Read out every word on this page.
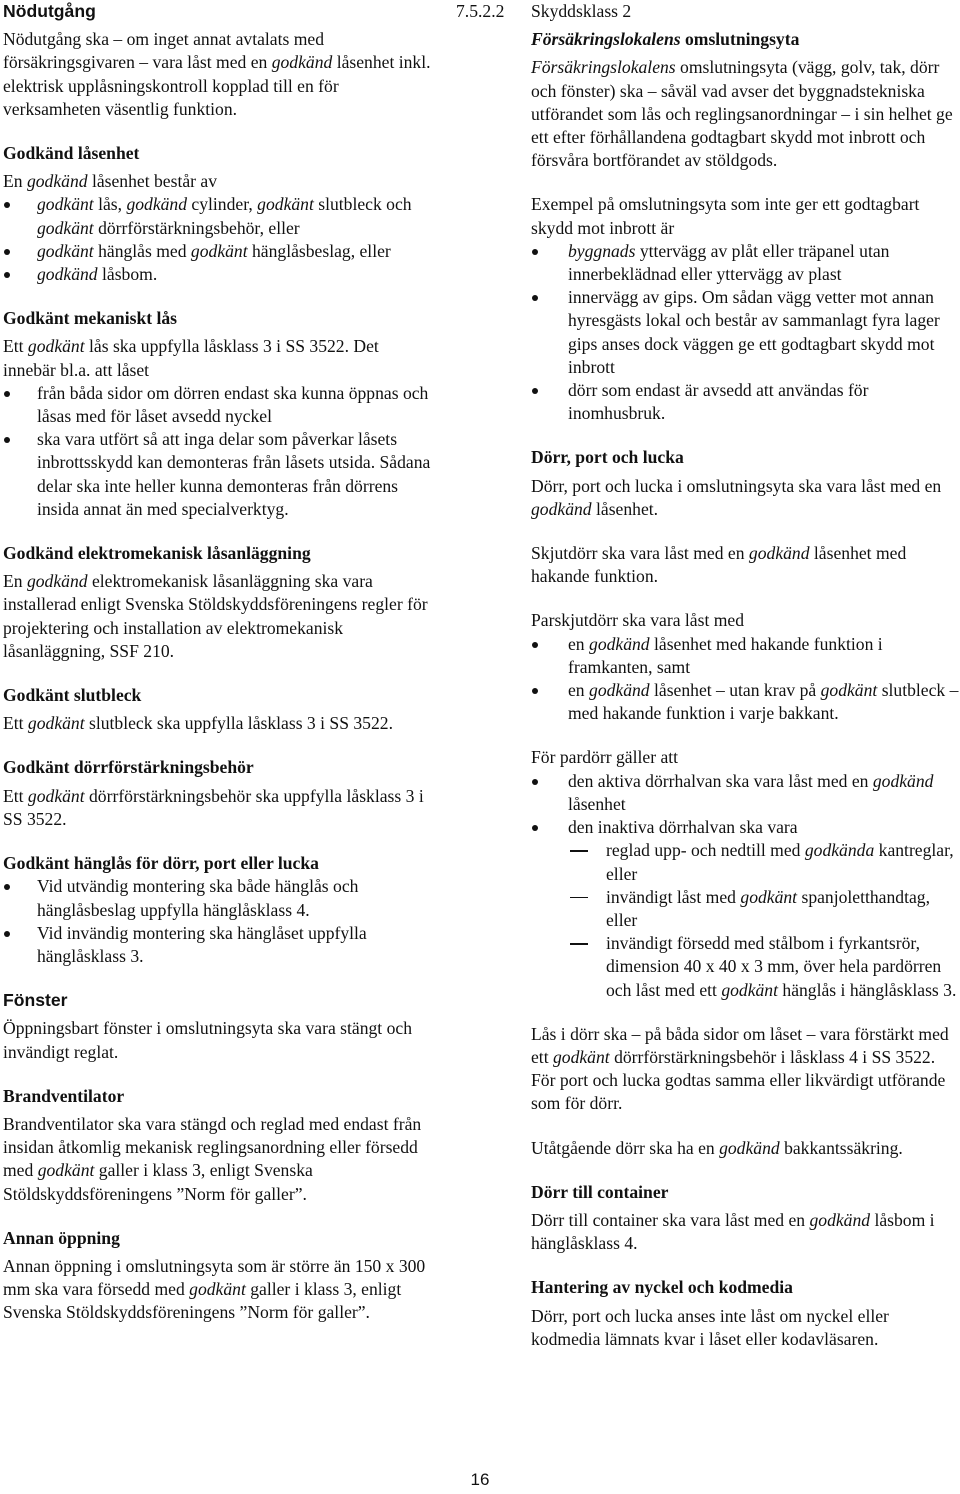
Nödutgång

Nödutgång ska – om inget annat avtalats med försäkringsgivaren – vara låst med en godkänd låsenhet inkl. elektrisk upplåsningskontroll kopplad till en för verksamheten väsentlig funktion.

Godkänd låsenhet

En godkänd låsenhet består av

godkänt lås, godkänd cylinder, godkänt slutbleck och godkänt dörrförstärkningsbehör, eller
godkänt hänglås med godkänt hänglåsbeslag, eller
godkänd låsbom.

Godkänt mekaniskt lås

Ett godkänt lås ska uppfylla låsklass 3 i SS 3522. Det innebär bl.a. att låset

från båda sidor om dörren endast ska kunna öppnas och låsas med för låset avsedd nyckel
ska vara utfört så att inga delar som påverkar låsets inbrottsskydd kan demonteras från låsets utsida. Sådana delar ska inte heller kunna demonteras från dörrens insida annat än med specialverktyg.

Godkänd elektromekanisk låsanläggning

En godkänd elektromekanisk låsanläggning ska vara installerad enligt Svenska Stöldskyddsföreningens regler för projektering och installation av elektromekanisk låsanläggning, SSF 210.

Godkänt slutbleck

Ett godkänt slutbleck ska uppfylla låsklass 3 i SS 3522.

Godkänt dörrförstärkningsbehör

Ett godkänt dörrförstärkningsbehör ska uppfylla låsklass 3 i SS 3522.

Godkänt hänglås för dörr, port eller lucka

Vid utvändig montering ska både hänglås och hänglåsbeslag uppfylla hänglåsklass 4.
Vid invändig montering ska hänglåset uppfylla hänglåsklass 3.

Fönster

Öppningsbart fönster i omslutningsyta ska vara stängt och invändigt reglat.

Brandventilator

Brandventilator ska vara stängd och reglad med endast från insidan åtkomlig mekanisk reglingsanordning eller försedd med godkänt galler i klass 3, enligt Svenska Stöldskyddsföreningens ”Norm för galler”.

Annan öppning

Annan öppning i omslutningsyta som är större än 150 x 300 mm ska vara försedd med godkänt galler i klass 3, enligt Svenska Stöldskyddsföreningens ”Norm för galler”.

7.5.2.2 Skyddsklass 2

Försäkringslokalens omslutningsyta

Försäkringslokalens omslutningsyta (vägg, golv, tak, dörr och fönster) ska – såväl vad avser det byggnadstekniska utförandet som lås och reglingsanordningar – i sin helhet ge ett efter förhållandena godtagbart skydd mot inbrott och försvåra bortförandet av stöldgods.

Exempel på omslutningsyta som inte ger ett godtagbart skydd mot inbrott är

byggnads yttervägg av plåt eller träpanel utan innerbeklädnad eller yttervägg av plast
innervägg av gips. Om sådan vägg vetter mot annan hyresgästs lokal och består av sammanlagt fyra lager gips anses dock väggen ge ett godtagbart skydd mot inbrott
dörr som endast är avsedd att användas för inomhusbruk.

Dörr, port och lucka

Dörr, port och lucka i omslutningsyta ska vara låst med en godkänd låsenhet.

Skjutdörr ska vara låst med en godkänd låsenhet med hakande funktion.

Parskjutdörr ska vara låst med

en godkänd låsenhet med hakande funktion i framkanten, samt
en godkänd låsenhet – utan krav på godkänt slutbleck – med hakande funktion i varje bakkant.

För pardörr gäller att

den aktiva dörrhalvan ska vara låst med en godkänd låsenhet
den inaktiva dörrhalvan ska vara
reglad upp- och nedtill med godkända kantreglar, eller
invändigt låst med godkänt spanjoletthandtag, eller
invändigt försedd med stålbom i fyrkantsrör, dimension 40 x 40 x 3 mm, över hela pardörren och låst med ett godkänt hänglås i hänglåsklass 3.

Lås i dörr ska – på båda sidor om låset – vara förstärkt med ett godkänt dörrförstärkningsbehör i låsklass 4 i SS 3522.

För port och lucka godtas samma eller likvärdigt utförande som för dörr.

Utåtgående dörr ska ha en godkänd bakkantssäkring.

Dörr till container

Dörr till container ska vara låst med en godkänd låsbom i hänglåsklass 4.

Hantering av nyckel och kodmedia

Dörr, port och lucka anses inte låst om nyckel eller kodmedia lämnats kvar i låset eller kodavläsaren.

16
